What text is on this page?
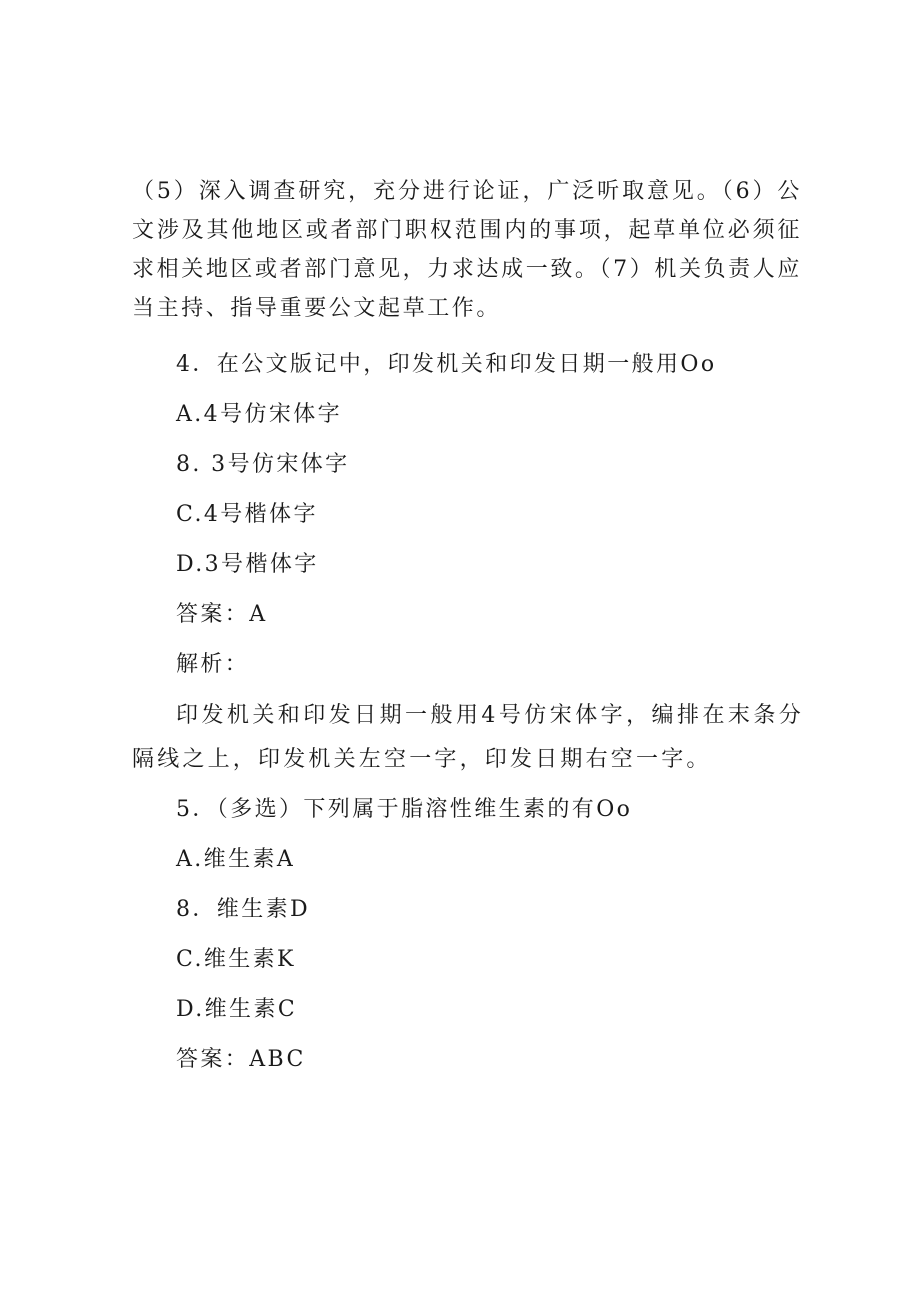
（5）深入调查研究，充分进行论证，广泛听取意见。（6）公文涉及其他地区或者部门职权范围内的事项，起草单位必须征求相关地区或者部门意见，力求达成一致。（7）机关负责人应当主持、指导重要公文起草工作。

4．在公文版记中，印发机关和印发日期一般用Oo

A.4号仿宋体字

8. 3号仿宋体字

C.4号楷体字

D.3号楷体字

答案：A

解析：

印发机关和印发日期一般用4号仿宋体字，编排在末条分隔线之上，印发机关左空一字，印发日期右空一字。

5．（多选）下列属于脂溶性维生素的有Oo

A.维生素A

8．维生素D

C.维生素K

D.维生素C

答案：ABC
